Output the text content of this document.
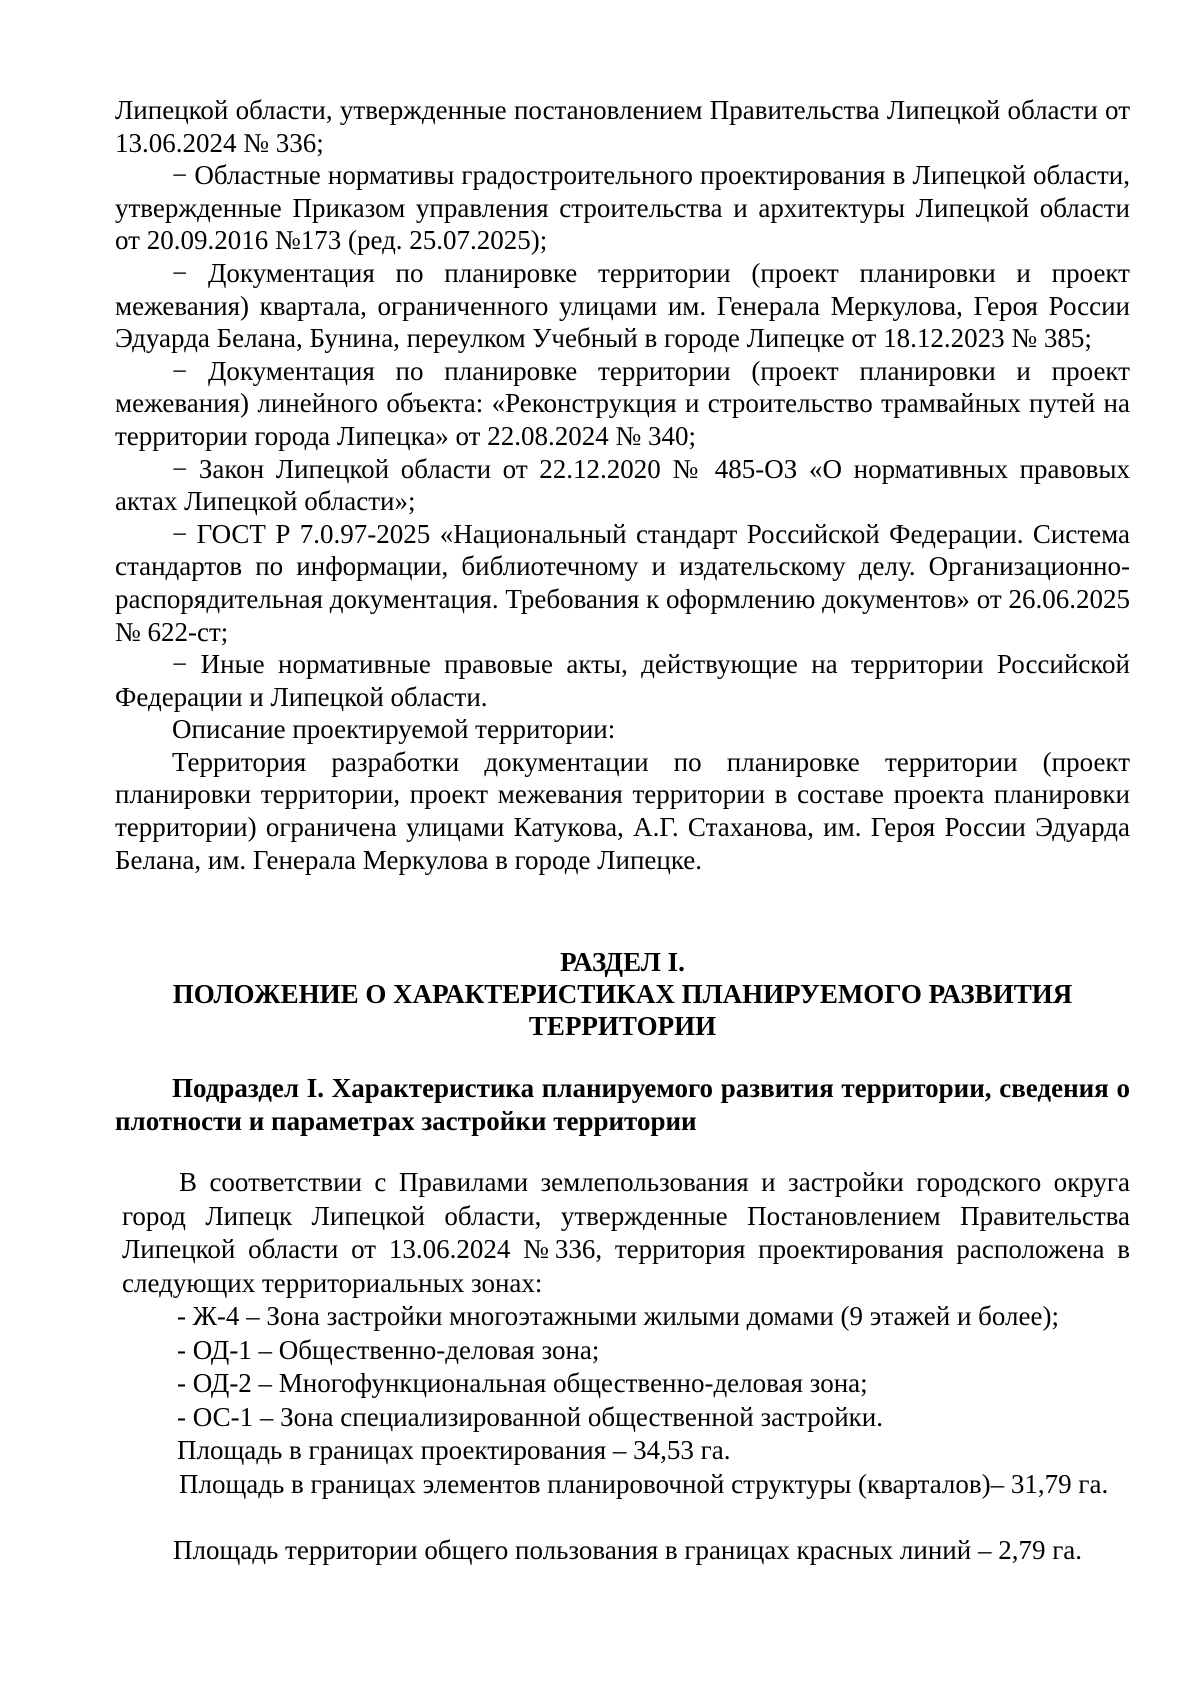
Липецкой области, утвержденные постановлением Правительства Липецкой области от 13.06.2024 № 336;

− Областные нормативы градостроительного проектирования в Липецкой области, утвержденные Приказом управления строительства и архитектуры Липецкой области от 20.09.2016 №173 (ред. 25.07.2025);

− Документация по планировке территории (проект планировки и проект межевания) квартала, ограниченного улицами им. Генерала Меркулова, Героя России Эдуарда Белана, Бунина, переулком Учебный в городе Липецке от 18.12.2023 № 385;

− Документация по планировке территории (проект планировки и проект межевания) линейного объекта: «Реконструкция и строительство трамвайных путей на территории города Липецка» от 22.08.2024 № 340;

− Закон Липецкой области от 22.12.2020 № 485-ОЗ «О нормативных правовых актах Липецкой области»;

− ГОСТ Р 7.0.97-2025 «Национальный стандарт Российской Федерации. Система стандартов по информации, библиотечному и издательскому делу. Организационно-распорядительная документация. Требования к оформлению документов» от 26.06.2025 № 622-ст;

− Иные нормативные правовые акты, действующие на территории Российской Федерации и Липецкой области.

Описание проектируемой территории:

Территория разработки документации по планировке территории (проект планировки территории, проект межевания территории в составе проекта планировки территории) ограничена улицами Катукова, А.Г. Стаханова, им. Героя России Эдуарда Белана, им. Генерала Меркулова в городе Липецке.

РАЗДЕЛ I.
ПОЛОЖЕНИЕ О ХАРАКТЕРИСТИКАХ ПЛАНИРУЕМОГО РАЗВИТИЯ
ТЕРРИТОРИИ

Подраздел I. Характеристика планируемого развития территории, сведения о плотности и параметрах застройки территории

В соответствии с Правилами землепользования и застройки городского округа город Липецк Липецкой области, утвержденные Постановлением Правительства Липецкой области от 13.06.2024 №336, территория проектирования расположена в следующих территориальных зонах:

- Ж-4 – Зона застройки многоэтажными жилыми домами (9 этажей и более);

- ОД-1 – Общественно-деловая зона;

- ОД-2 – Многофункциональная общественно-деловая зона;

- ОС-1 – Зона специализированной общественной застройки.

Площадь в границах проектирования – 34,53 га.

Площадь в границах элементов планировочной структуры (кварталов)– 31,79 га.

Площадь территории общего пользования в границах красных линий – 2,79 га.
